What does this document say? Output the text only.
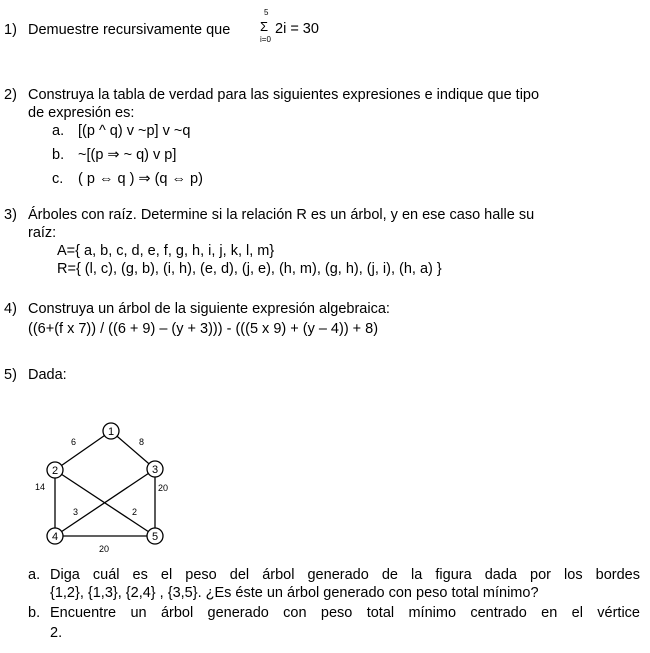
1) Demuestre recursivamente que
5
Σ
i=0
2i = 30
2) Construya la tabla de verdad para las siguientes expresiones e indique que tipo
de expresión es:
a. [(p ^ q) v ~p] v ~q
b. ~[(p ⇒ ~ q) v p]
c. ( p ⇔ q ) ⇒ (q ⇔ p)
3) Árboles con raíz. Determine si la relación R es un árbol, y en ese caso halle su
raíz:
A={ a, b, c, d, e, f, g, h, i, j, k, l, m}
R={ (l, c), (g, b), (i, h), (e, d), (j, e), (h, m), (g, h), (j, i), (h, a) }
4) Construya un árbol de la siguiente expresión algebraica:
((6+(f x 7)) / ((6 + 9) – (y + 3))) - (((5 x 9) + (y – 4)) + 8)
5) Dada:
6	8
14	20
20
2
3
1
2	3
4	5
a. Diga cuál es el peso del árbol generado de la figura dada por los bordes
{1,2}, {1,3}, {2,4} , {3,5}. ¿Es éste un árbol generado con peso total mínimo?
b. Encuentre un árbol generado con peso total mínimo centrado en el vértice
2.
